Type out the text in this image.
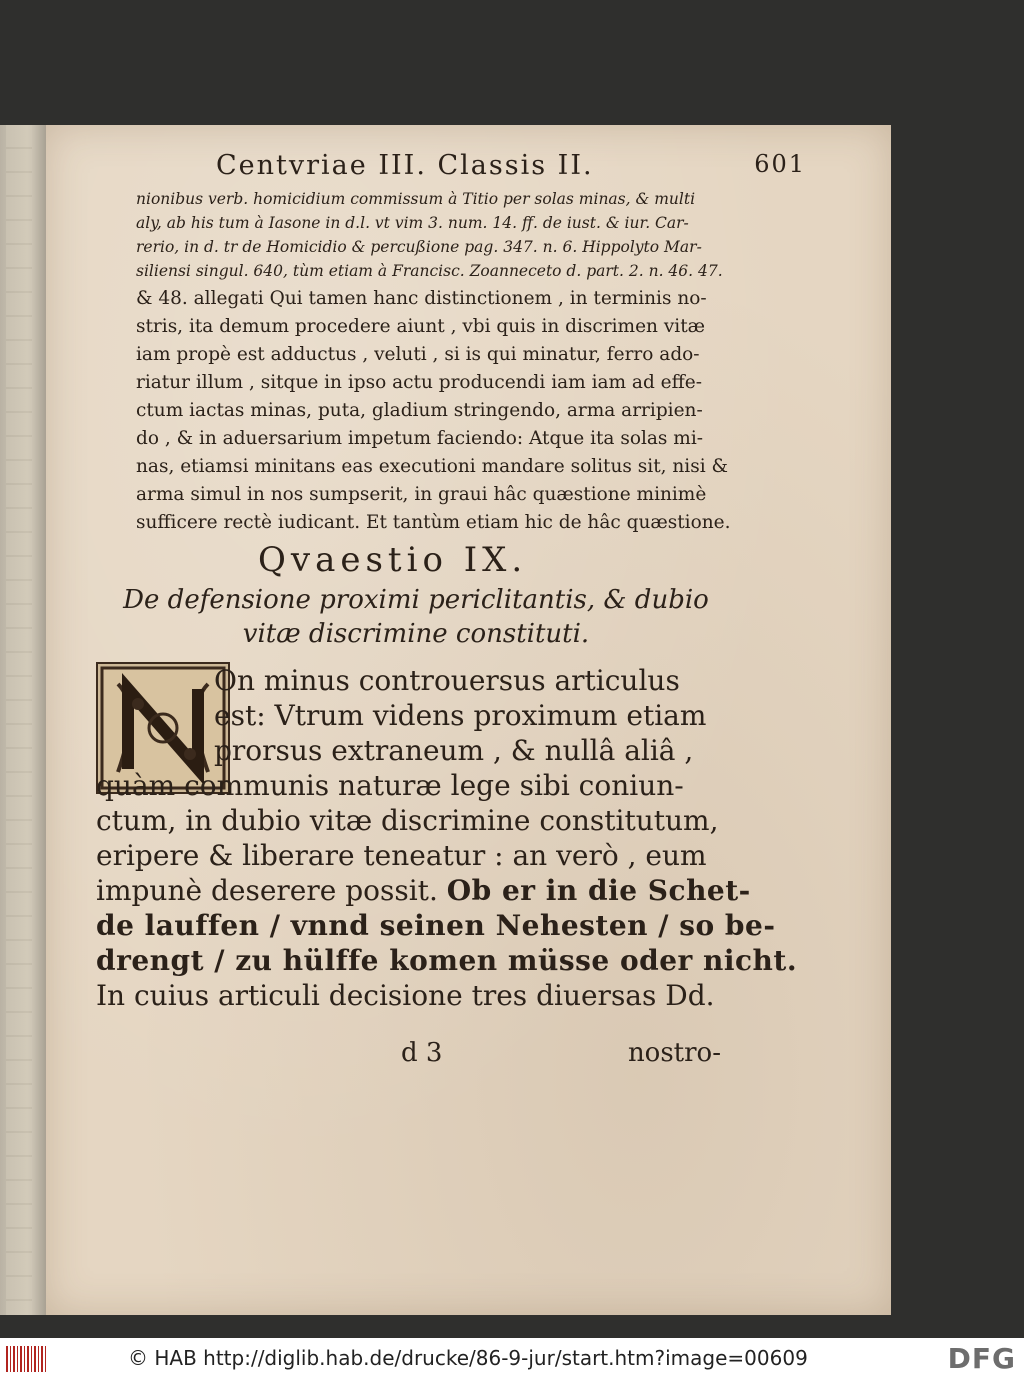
Centvriae III. Classis II.	601
nionibus verb. homicidium commissum à Titio per solas minas, & multi
aly, ab his tum à Iasone in d.l. vt vim 3. num. 14. ff. de iust. & iur. Car-
rerio, in d. tr de Homicidio & percußione pag. 347. n. 6. Hippolyto Mar-
siliensi singul. 640, tùm etiam à Francisc. Zoanneceto d. part. 2. n. 46. 47.
& 48. allegati Qui tamen hanc distinctionem , in terminis no-
stris, ita demum procedere aiunt , vbi quis in discrimen vitæ
iam propè est adductus , veluti , si is qui minatur, ferro ado-
riatur illum , sitque in ipso actu producendi iam iam ad effe-
ctum iactas minas, puta, gladium stringendo, arma arripien-
do , & in aduersarium impetum faciendo: Atque ita solas mi-
nas, etiamsi minitans eas executioni mandare solitus sit, nisi &
arma simul in nos sumpserit, in graui hâc quæstione minimè
sufficere rectè iudicant. Et tantùm etiam hic de hâc quæstione.
Qvaestio IX.
De defensione proximi periclitantis, & dubio
vitæ discrimine constituti.
On minus controuersus articulus
est: Vtrum videns proximum etiam
prorsus extraneum , & nullâ aliâ ,
quàm communis naturæ lege sibi coniun-
ctum, in dubio vitæ discrimine constitutum,
eripere & liberare teneatur : an verò , eum
impunè deserere possit. Ob er in die Schet-
de lauffen / vnnd seinen Nehesten / so be-
drengt / zu hülffe komen müsse oder nicht.
In cuius articuli decisione tres diuersas Dd.
d 3	nostro-
© HAB http://diglib.hab.de/drucke/86-9-jur/start.htm?image=00609	DFG
